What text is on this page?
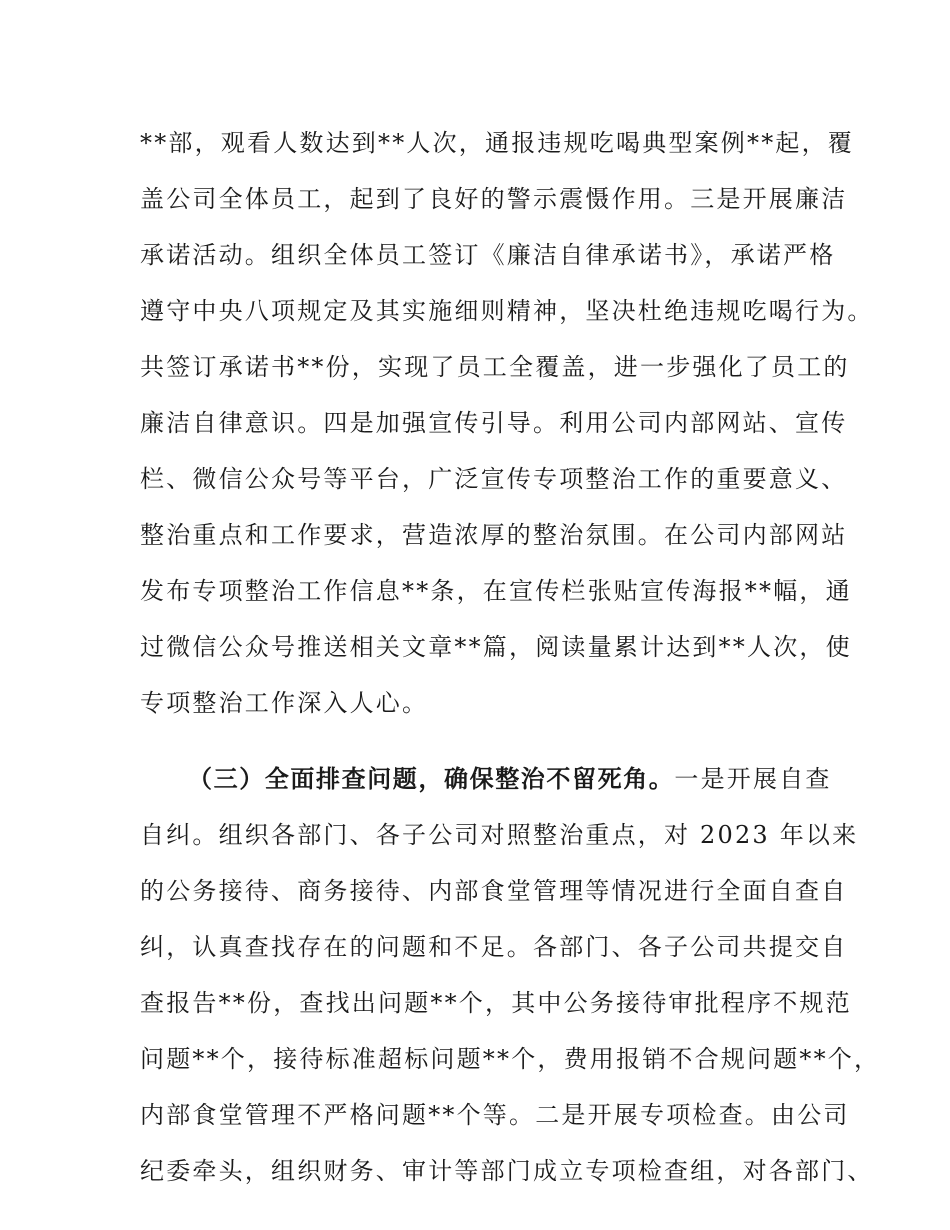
**部，观看人数达到**人次，通报违规吃喝典型案例**起，覆
盖公司全体员工，起到了良好的警示震慑作用。三是开展廉洁
承诺活动。组织全体员工签订《廉洁自律承诺书》，承诺严格
遵守中央八项规定及其实施细则精神，坚决杜绝违规吃喝行为。
共签订承诺书**份，实现了员工全覆盖，进一步强化了员工的
廉洁自律意识。四是加强宣传引导。利用公司内部网站、宣传
栏、微信公众号等平台，广泛宣传专项整治工作的重要意义、
整治重点和工作要求，营造浓厚的整治氛围。在公司内部网站
发布专项整治工作信息**条，在宣传栏张贴宣传海报**幅，通
过微信公众号推送相关文章**篇，阅读量累计达到**人次，使
专项整治工作深入人心。
（三）全面排查问题，确保整治不留死角。一是开展自查
自纠。组织各部门、各子公司对照整治重点，对 2023 年以来
的公务接待、商务接待、内部食堂管理等情况进行全面自查自
纠，认真查找存在的问题和不足。各部门、各子公司共提交自
查报告**份，查找出问题**个，其中公务接待审批程序不规范
问题**个，接待标准超标问题**个，费用报销不合规问题**个，
内部食堂管理不严格问题**个等。二是开展专项检查。由公司
纪委牵头，组织财务、审计等部门成立专项检查组，对各部门、
